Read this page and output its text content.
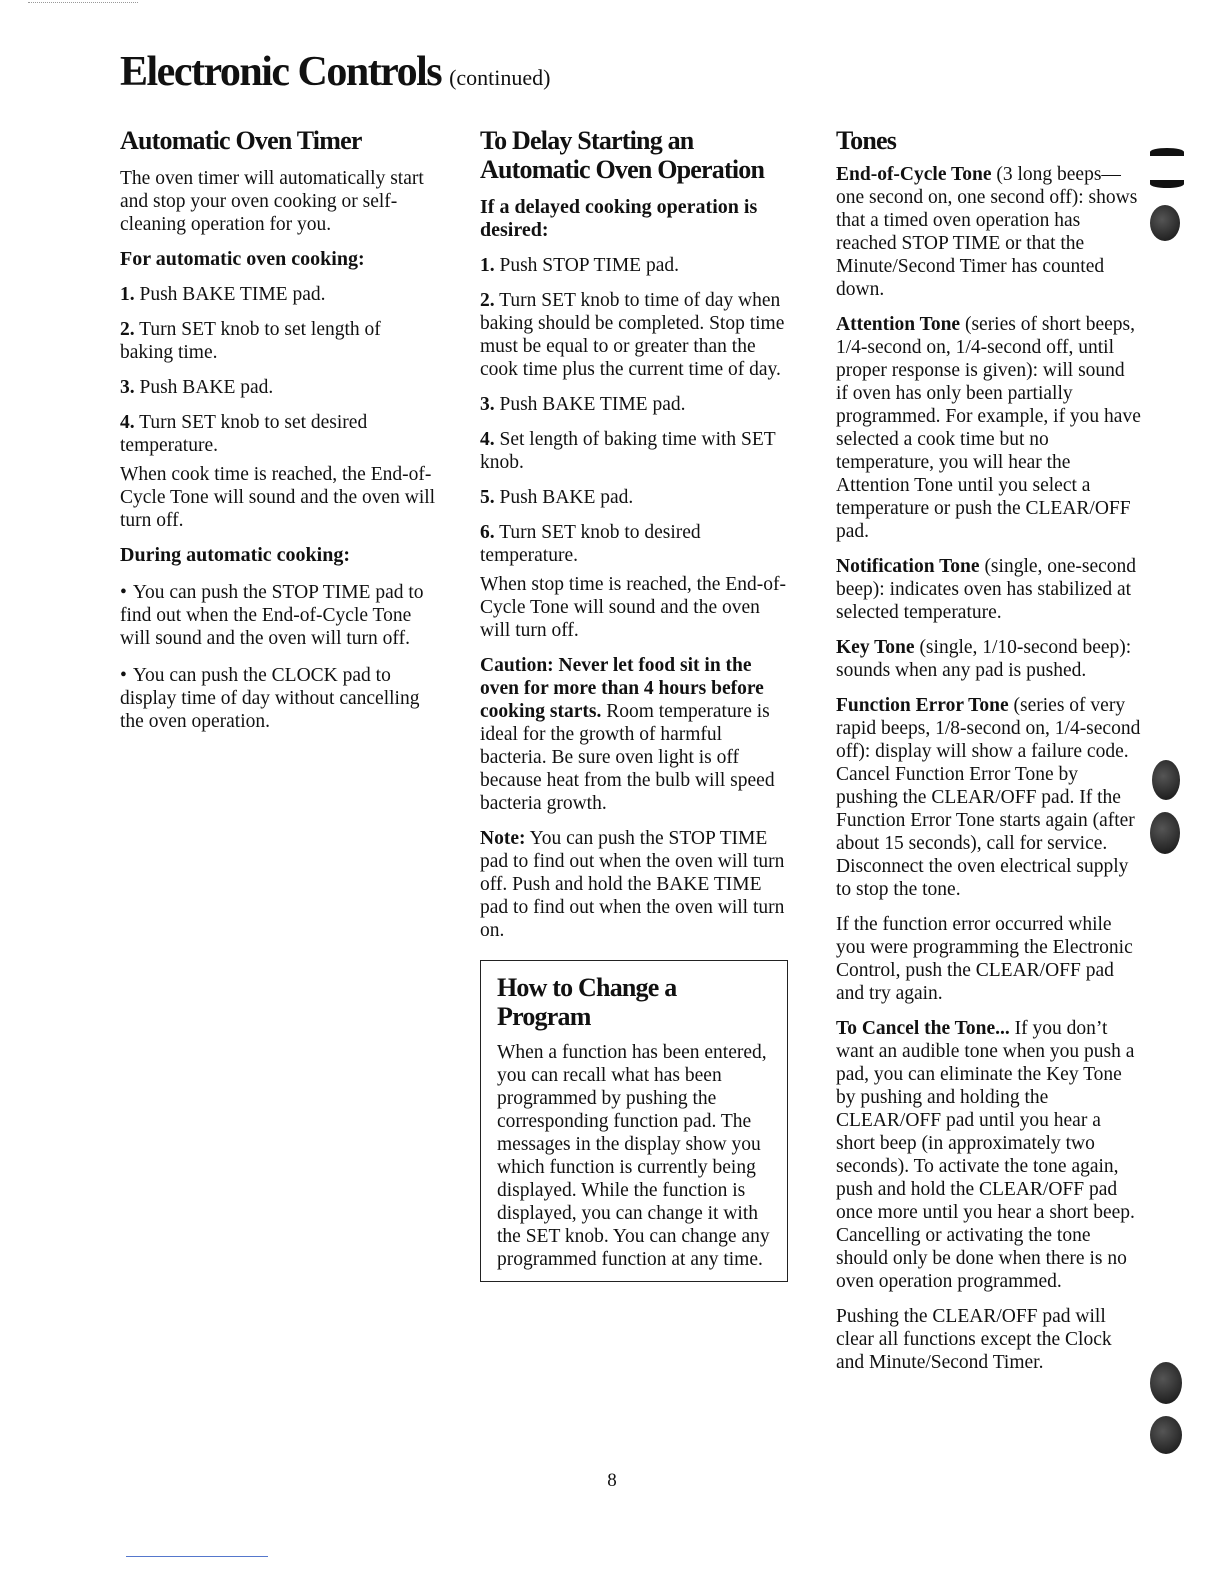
Electronic Controls (continued)
Automatic Oven Timer

The oven timer will automatically start and stop your oven cooking or self-cleaning operation for you.

For automatic oven cooking:

1. Push BAKE TIME pad.

2. Turn SET knob to set length of baking time.

3. Push BAKE pad.

4. Turn SET knob to set desired temperature.

When cook time is reached, the End-of-Cycle Tone will sound and the oven will turn off.

During automatic cooking:

• You can push the STOP TIME pad to find out when the End-of-Cycle Tone will sound and the oven will turn off.

• You can push the CLOCK pad to display time of day without cancelling the oven operation.

To Delay Starting an Automatic Oven Operation
If a delayed cooking operation is desired:

1. Push STOP TIME pad.

2. Turn SET knob to time of day when baking should be completed. Stop time must be equal to or greater than the cook time plus the current time of day.

3. Push BAKE TIME pad.

4. Set length of baking time with SET knob.

5. Push BAKE pad.

6. Turn SET knob to desired temperature.

When stop time is reached, the End-of-Cycle Tone will sound and the oven will turn off.

Caution: Never let food sit in the oven for more than 4 hours before cooking starts. Room temperature is ideal for the growth of harmful bacteria. Be sure oven light is off because heat from the bulb will speed bacteria growth.

Note: You can push the STOP TIME pad to find out when the oven will turn off. Push and hold the BAKE TIME pad to find out when the oven will turn on.

How to Change a Program

When a function has been entered, you can recall what has been programmed by pushing the corresponding function pad. The messages in the display show you which function is currently being displayed. While the function is displayed, you can change it with the SET knob. You can change any programmed function at any time.

Tones

End-of-Cycle Tone (3 long beeps—one second on, one second off): shows that a timed oven operation has reached STOP TIME or that the Minute/Second Timer has counted down.

Attention Tone (series of short beeps, 1/4-second on, 1/4-second off, until proper response is given): will sound if oven has only been partially programmed. For example, if you have selected a cook time but no temperature, you will hear the Attention Tone until you select a temperature or push the CLEAR/OFF pad.

Notification Tone (single, one-second beep): indicates oven has stabilized at selected temperature.

Key Tone (single, 1/10-second beep): sounds when any pad is pushed.

Function Error Tone (series of very rapid beeps, 1/8-second on, 1/4-second off): display will show a failure code. Cancel Function Error Tone by pushing the CLEAR/OFF pad. If the Function Error Tone starts again (after about 15 seconds), call for service. Disconnect the oven electrical supply to stop the tone.

If the function error occurred while you were programming the Electronic Control, push the CLEAR/OFF pad and try again.

To Cancel the Tone... If you don’t want an audible tone when you push a pad, you can eliminate the Key Tone by pushing and holding the CLEAR/OFF pad until you hear a short beep (in approximately two seconds). To activate the tone again, push and hold the CLEAR/OFF pad once more until you hear a short beep. Cancelling or activating the tone should only be done when there is no oven operation programmed.

Pushing the CLEAR/OFF pad will clear all functions except the Clock and Minute/Second Timer.

8
